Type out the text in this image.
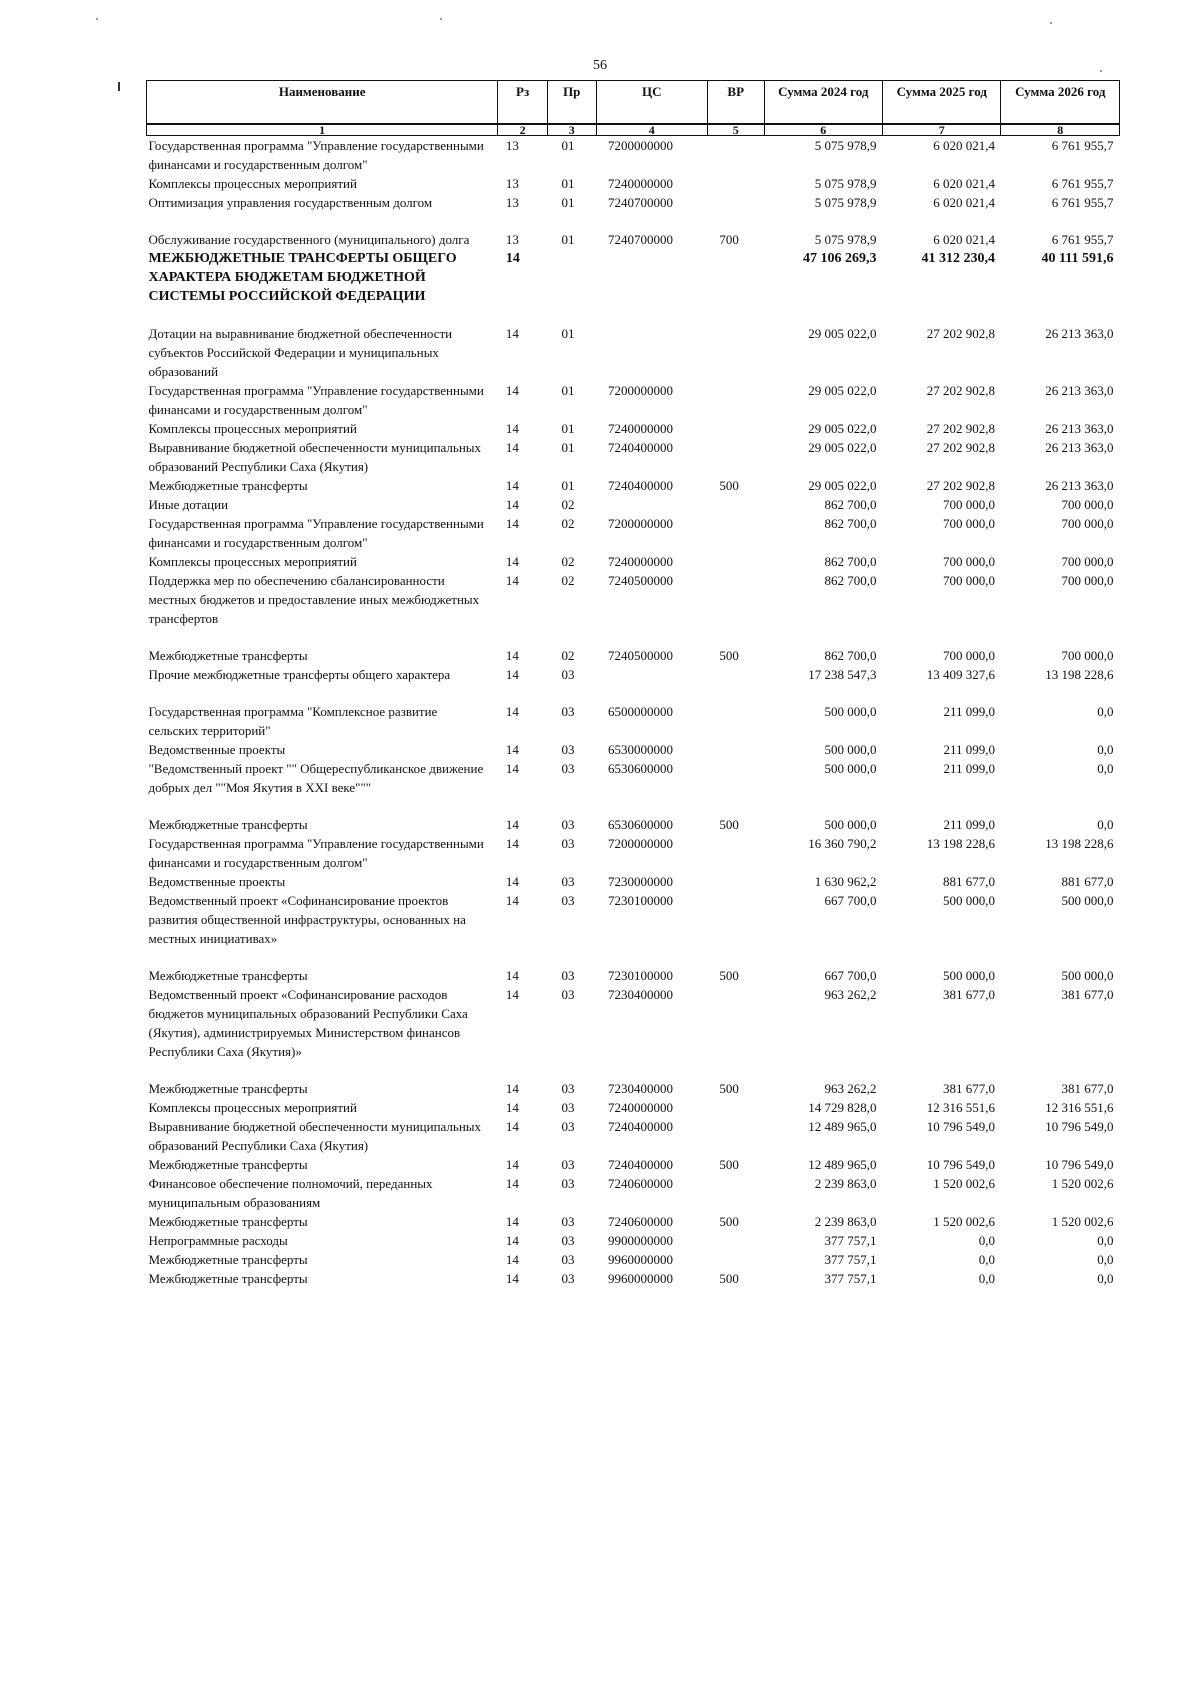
56
Наименование	Рз	Пр	ЦС	ВР	Сумма 2024 год	Сумма 2025 год	Сумма 2026 год
1	2	3	4	5	6	7	8
Государственная программа "Управление государственными финансами и государственным долгом"	13	01	7200000000		5 075 978,9	6 020 021,4	6 761 955,7
Комплексы процессных мероприятий	13	01	7240000000		5 075 978,9	6 020 021,4	6 761 955,7
Оптимизация управления государственным долгом	13	01	7240700000		5 075 978,9	6 020 021,4	6 761 955,7

Обслуживание государственного (муниципального) долга	13	01	7240700000	700	5 075 978,9	6 020 021,4	6 761 955,7
МЕЖБЮДЖЕТНЫЕ ТРАНСФЕРТЫ ОБЩЕГО ХАРАКТЕРА БЮДЖЕТАМ БЮДЖЕТНОЙ СИСТЕМЫ РОССИЙСКОЙ ФЕДЕРАЦИИ	14				47 106 269,3	41 312 230,4	40 111 591,6

Дотации на выравнивание бюджетной обеспеченности субъектов Российской Федерации и муниципальных образований	14	01			29 005 022,0	27 202 902,8	26 213 363,0
Государственная программа "Управление государственными финансами и государственным долгом"	14	01	7200000000		29 005 022,0	27 202 902,8	26 213 363,0
Комплексы процессных мероприятий	14	01	7240000000		29 005 022,0	27 202 902,8	26 213 363,0
Выравнивание бюджетной обеспеченности муниципальных образований Республики Саха (Якутия)	14	01	7240400000		29 005 022,0	27 202 902,8	26 213 363,0
Межбюджетные трансферты	14	01	7240400000	500	29 005 022,0	27 202 902,8	26 213 363,0
Иные дотации	14	02			862 700,0	700 000,0	700 000,0
Государственная программа "Управление государственными финансами и государственным долгом"	14	02	7200000000		862 700,0	700 000,0	700 000,0
Комплексы процессных мероприятий	14	02	7240000000		862 700,0	700 000,0	700 000,0
Поддержка мер по обеспечению сбалансированности местных бюджетов и предоставление иных межбюджетных трансфертов	14	02	7240500000		862 700,0	700 000,0	700 000,0

Межбюджетные трансферты	14	02	7240500000	500	862 700,0	700 000,0	700 000,0
Прочие межбюджетные трансферты общего характера	14	03			17 238 547,3	13 409 327,6	13 198 228,6

Государственная программа "Комплексное развитие сельских территорий"	14	03	6500000000		500 000,0	211 099,0	0,0
Ведомственные проекты	14	03	6530000000		500 000,0	211 099,0	0,0
"Ведомственный проект "" Общереспубликанское движение добрых дел ""Моя Якутия в XXI веке"""	14	03	6530600000		500 000,0	211 099,0	0,0

Межбюджетные трансферты	14	03	6530600000	500	500 000,0	211 099,0	0,0
Государственная программа "Управление государственными финансами и государственным долгом"	14	03	7200000000		16 360 790,2	13 198 228,6	13 198 228,6
Ведомственные проекты	14	03	7230000000		1 630 962,2	881 677,0	881 677,0
Ведомственный проект «Софинансирование проектов развития общественной инфраструктуры, основанных на местных инициативах»	14	03	7230100000		667 700,0	500 000,0	500 000,0

Межбюджетные трансферты	14	03	7230100000	500	667 700,0	500 000,0	500 000,0
Ведомственный проект «Софинансирование расходов бюджетов муниципальных образований Республики Саха (Якутия), администрируемых Министерством финансов Республики Саха (Якутия)»	14	03	7230400000		963 262,2	381 677,0	381 677,0

Межбюджетные трансферты	14	03	7230400000	500	963 262,2	381 677,0	381 677,0
Комплексы процессных мероприятий	14	03	7240000000		14 729 828,0	12 316 551,6	12 316 551,6
Выравнивание бюджетной обеспеченности муниципальных образований Республики Саха (Якутия)	14	03	7240400000		12 489 965,0	10 796 549,0	10 796 549,0
Межбюджетные трансферты	14	03	7240400000	500	12 489 965,0	10 796 549,0	10 796 549,0
Финансовое обеспечение полномочий, переданных муниципальным образованиям	14	03	7240600000		2 239 863,0	1 520 002,6	1 520 002,6
Межбюджетные трансферты	14	03	7240600000	500	2 239 863,0	1 520 002,6	1 520 002,6
Непрограммные расходы	14	03	9900000000		377 757,1	0,0	0,0
Межбюджетные трансферты	14	03	9960000000		377 757,1	0,0	0,0
Межбюджетные трансферты	14	03	9960000000	500	377 757,1	0,0	0,0
